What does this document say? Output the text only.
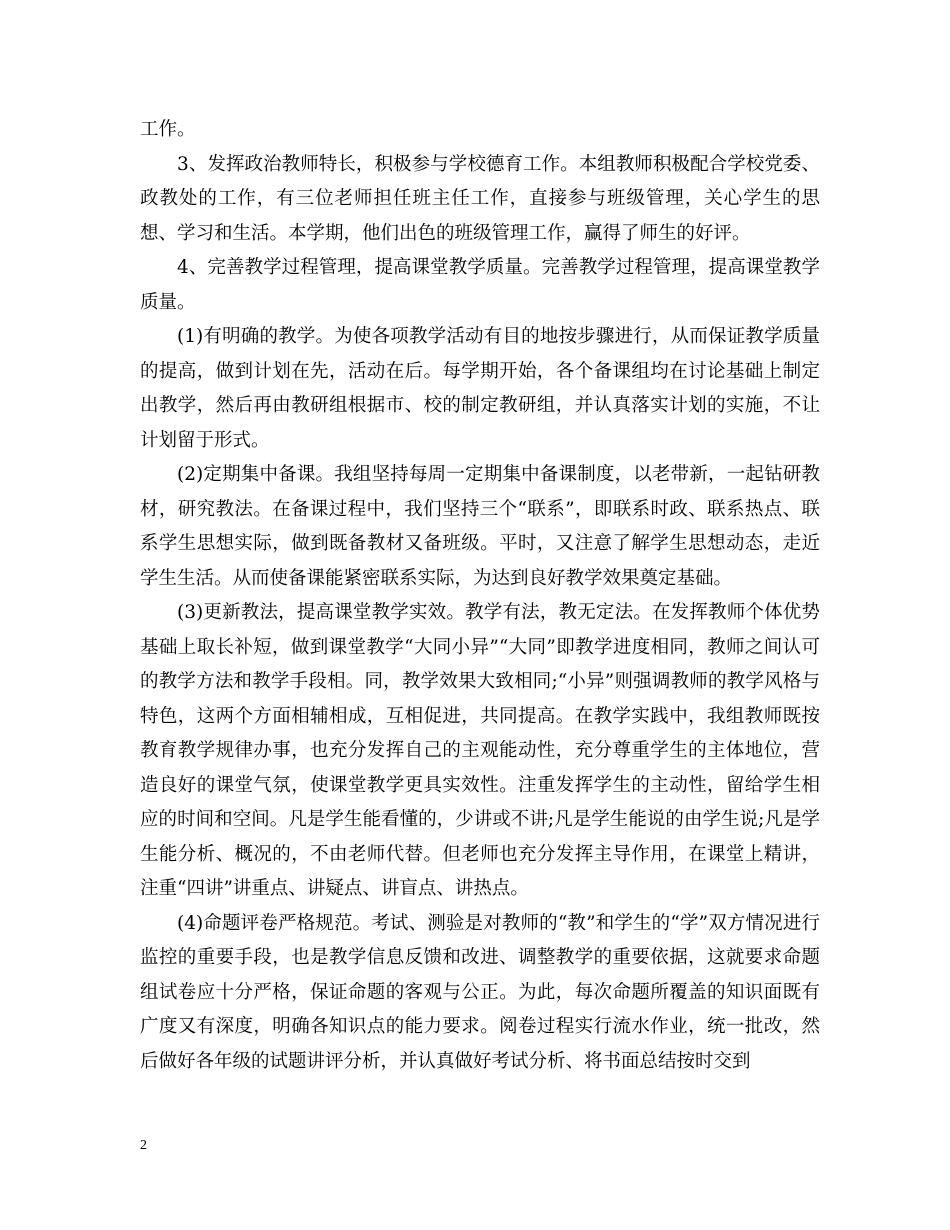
工作。

3、发挥政治教师特长，积极参与学校德育工作。本组教师积极配合学校党委、政教处的工作，有三位老师担任班主任工作，直接参与班级管理，关心学生的思想、学习和生活。本学期，他们出色的班级管理工作，赢得了师生的好评。

4、完善教学过程管理，提高课堂教学质量。完善教学过程管理，提高课堂教学质量。

(1)有明确的教学。为使各项教学活动有目的地按步骤进行，从而保证教学质量的提高，做到计划在先，活动在后。每学期开始，各个备课组均在讨论基础上制定出教学，然后再由教研组根据市、校的制定教研组，并认真落实计划的实施，不让计划留于形式。

(2)定期集中备课。我组坚持每周一定期集中备课制度，以老带新，一起钻研教材，研究教法。在备课过程中，我们坚持三个“联系”，即联系时政、联系热点、联系学生思想实际，做到既备教材又备班级。平时，又注意了解学生思想动态，走近学生生活。从而使备课能紧密联系实际，为达到良好教学效果奠定基础。

(3)更新教法，提高课堂教学实效。教学有法，教无定法。在发挥教师个体优势基础上取长补短，做到课堂教学“大同小异”“大同”即教学进度相同，教师之间认可的教学方法和教学手段相。同，教学效果大致相同;“小异”则强调教师的教学风格与特色，这两个方面相辅相成，互相促进，共同提高。在教学实践中，我组教师既按教育教学规律办事，也充分发挥自己的主观能动性，充分尊重学生的主体地位，营造良好的课堂气氛，使课堂教学更具实效性。注重发挥学生的主动性，留给学生相应的时间和空间。凡是学生能看懂的，少讲或不讲;凡是学生能说的由学生说;凡是学生能分析、概况的，不由老师代替。但老师也充分发挥主导作用，在课堂上精讲，注重“四讲”讲重点、讲疑点、讲盲点、讲热点。

(4)命题评卷严格规范。考试、测验是对教师的“教”和学生的“学”双方情况进行监控的重要手段，也是教学信息反馈和改进、调整教学的重要依据，这就要求命题组试卷应十分严格，保证命题的客观与公正。为此，每次命题所覆盖的知识面既有广度又有深度，明确各知识点的能力要求。阅卷过程实行流水作业，统一批改，然后做好各年级的试题讲评分析，并认真做好考试分析、将书面总结按时交到

2
